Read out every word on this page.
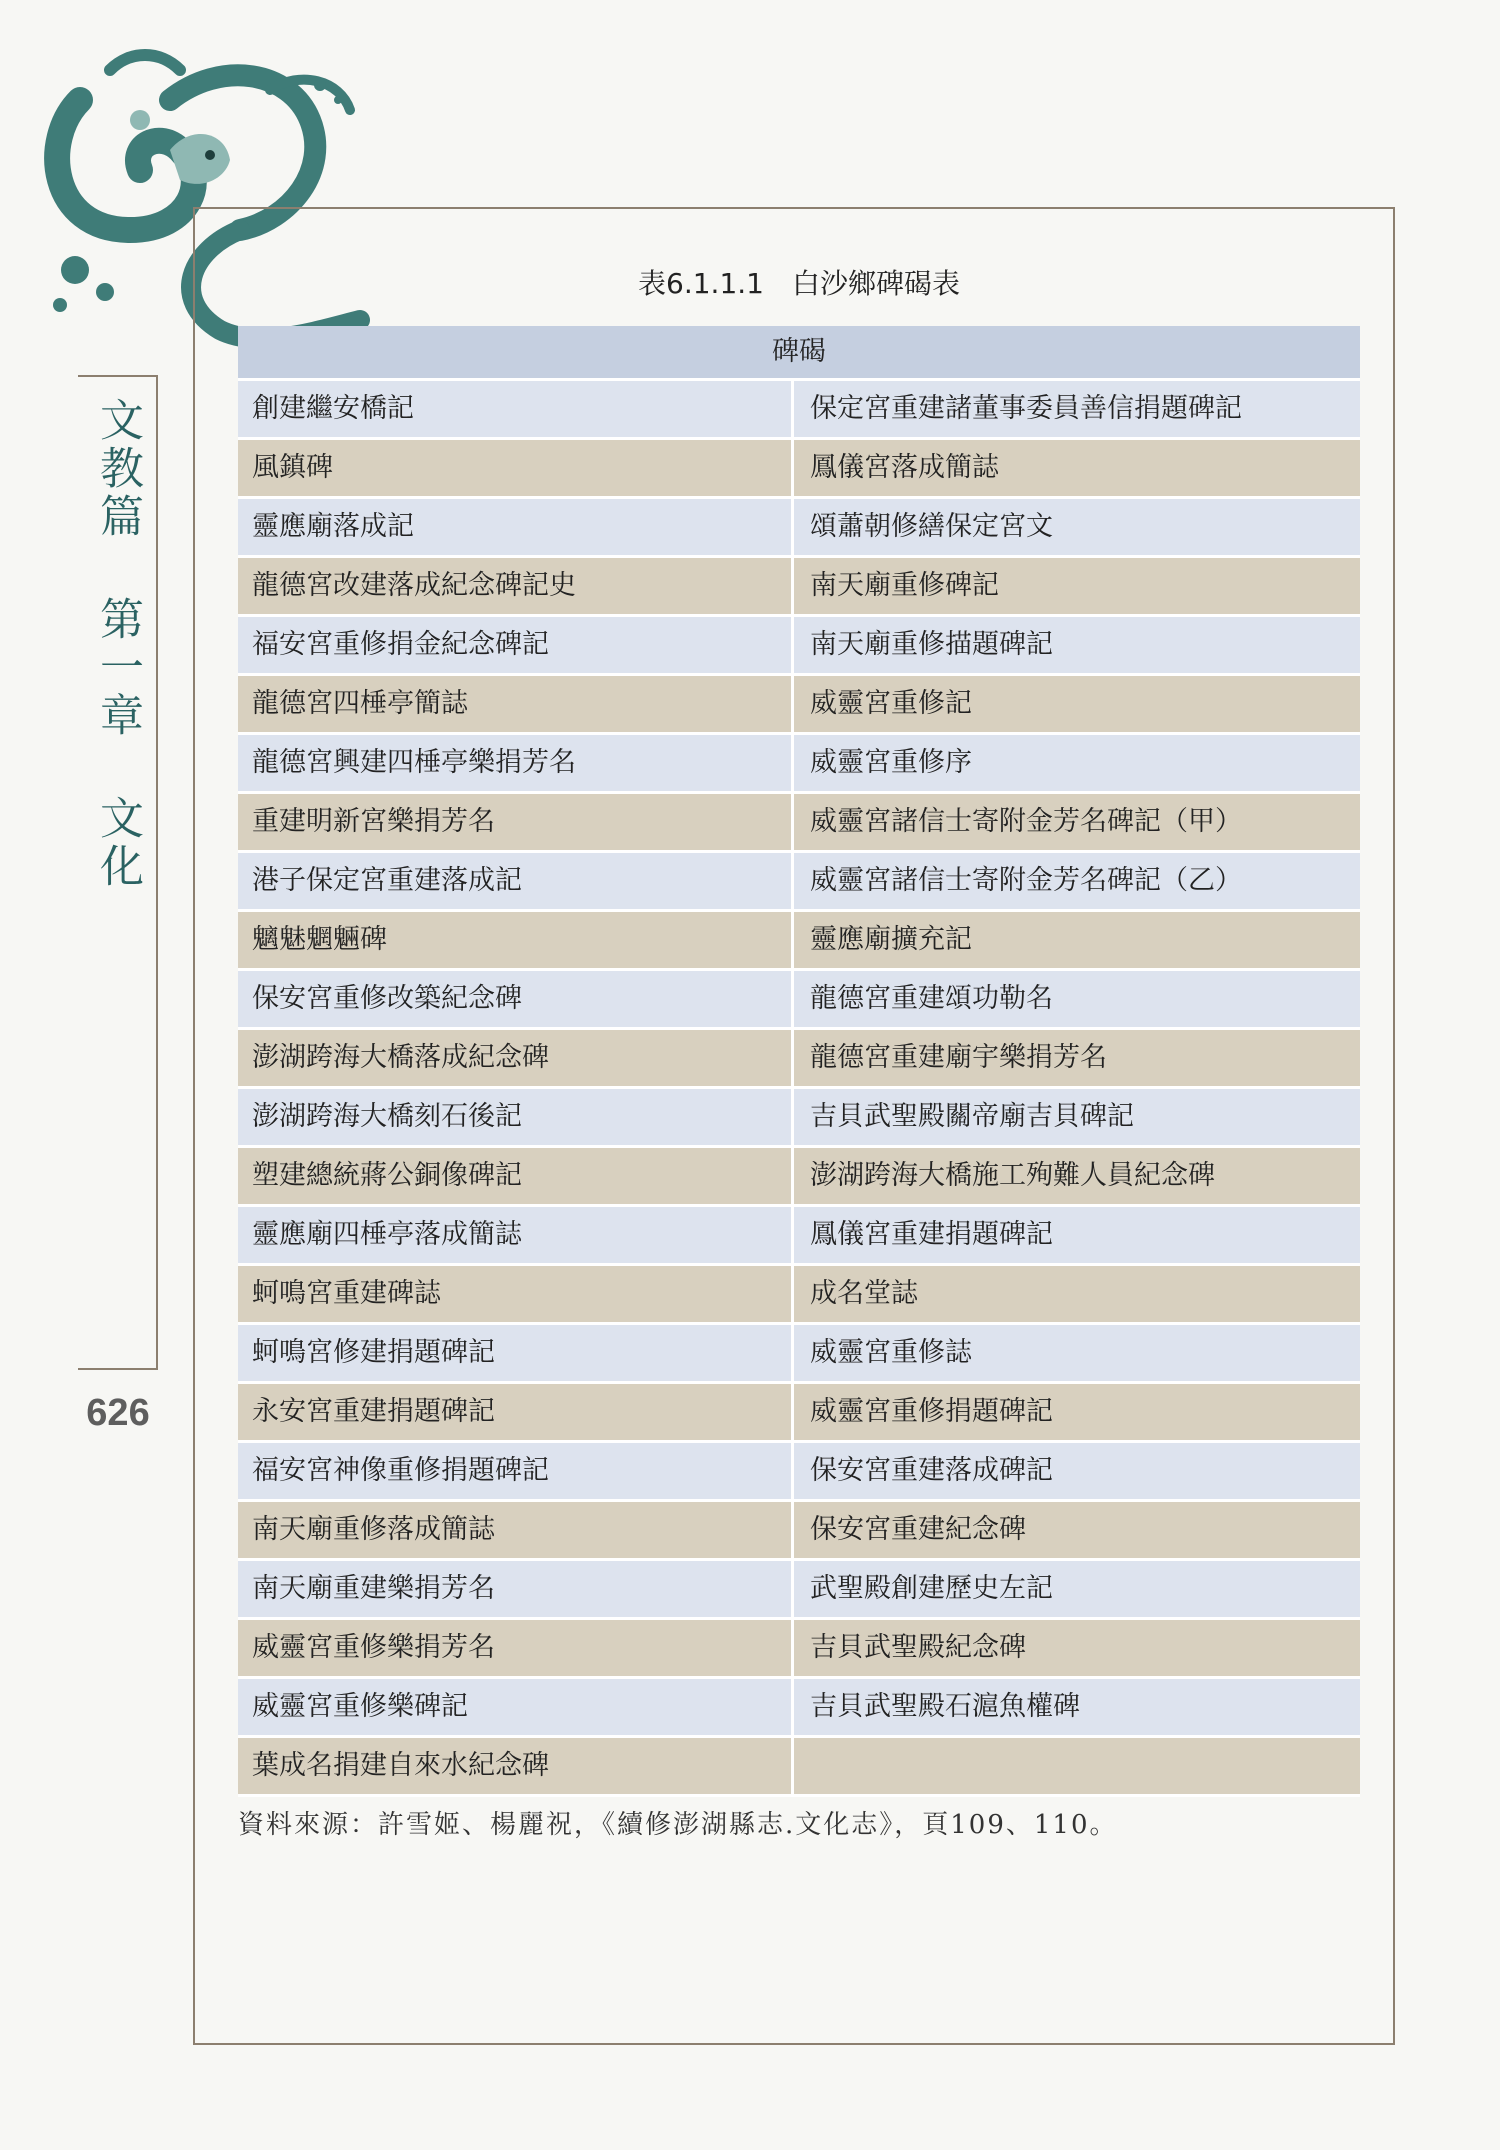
文教篇 第一章 文化
626
表6.1.1.1　白沙鄉碑碣表
碑碣
創建繼安橋記	保定宮重建諸董事委員善信捐題碑記
風鎮碑	鳳儀宮落成簡誌
靈應廟落成記	頌蕭朝修繕保定宮文
龍德宮改建落成紀念碑記史	南天廟重修碑記
福安宮重修捐金紀念碑記	南天廟重修描題碑記
龍德宮四棰亭簡誌	威靈宮重修記
龍德宮興建四棰亭樂捐芳名	威靈宮重修序
重建明新宮樂捐芳名	威靈宮諸信士寄附金芳名碑記（甲）
港子保定宮重建落成記	威靈宮諸信士寄附金芳名碑記（乙）
魑魅魍魎碑	靈應廟擴充記
保安宮重修改築紀念碑	龍德宮重建頌功勒名
澎湖跨海大橋落成紀念碑	龍德宮重建廟宇樂捐芳名
澎湖跨海大橋刻石後記	吉貝武聖殿關帝廟吉貝碑記
塑建總統蔣公銅像碑記	澎湖跨海大橋施工殉難人員紀念碑
靈應廟四棰亭落成簡誌	鳳儀宮重建捐題碑記
蚵鳴宮重建碑誌	成名堂誌
蚵鳴宮修建捐題碑記	威靈宮重修誌
永安宮重建捐題碑記	威靈宮重修捐題碑記
福安宮神像重修捐題碑記	保安宮重建落成碑記
南天廟重修落成簡誌	保安宮重建紀念碑
南天廟重建樂捐芳名	武聖殿創建歷史左記
威靈宮重修樂捐芳名	吉貝武聖殿紀念碑
威靈宮重修樂碑記	吉貝武聖殿石滬魚權碑
葉成名捐建自來水紀念碑
資料來源：許雪姬、楊麗祝，《續修澎湖縣志.文化志》，頁109、110。
